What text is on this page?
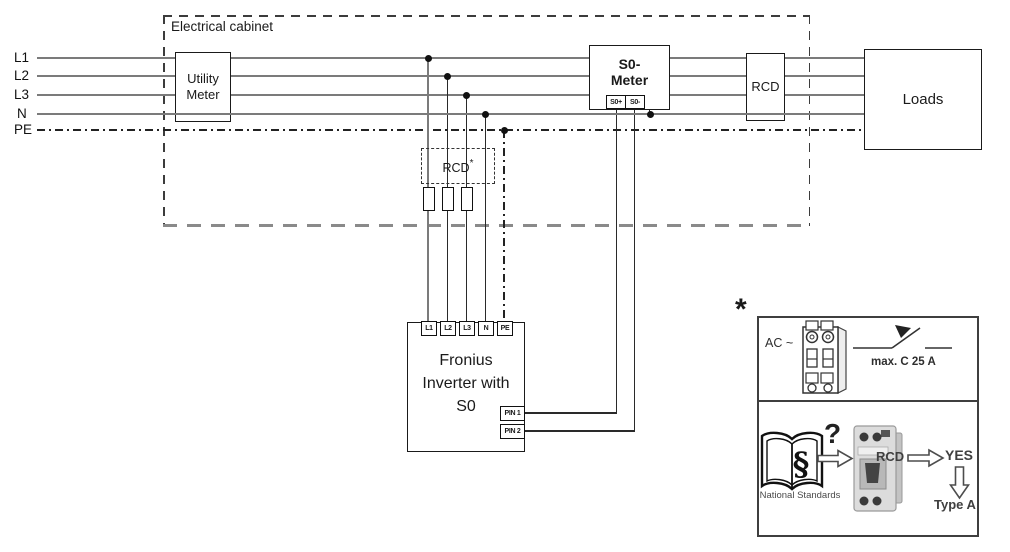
L1
L2
L3
N
PE
Electrical cabinet
Utility
Meter
S0-
Meter
S0+	S0-
RCD
Loads
RCD*
Fronius
Inverter with
S0
L1	L2	L3	N	PE
PIN 1
PIN 2
*
AC ~
max. C 25 A
§
National Standards
?
RCD	YES
Type A
